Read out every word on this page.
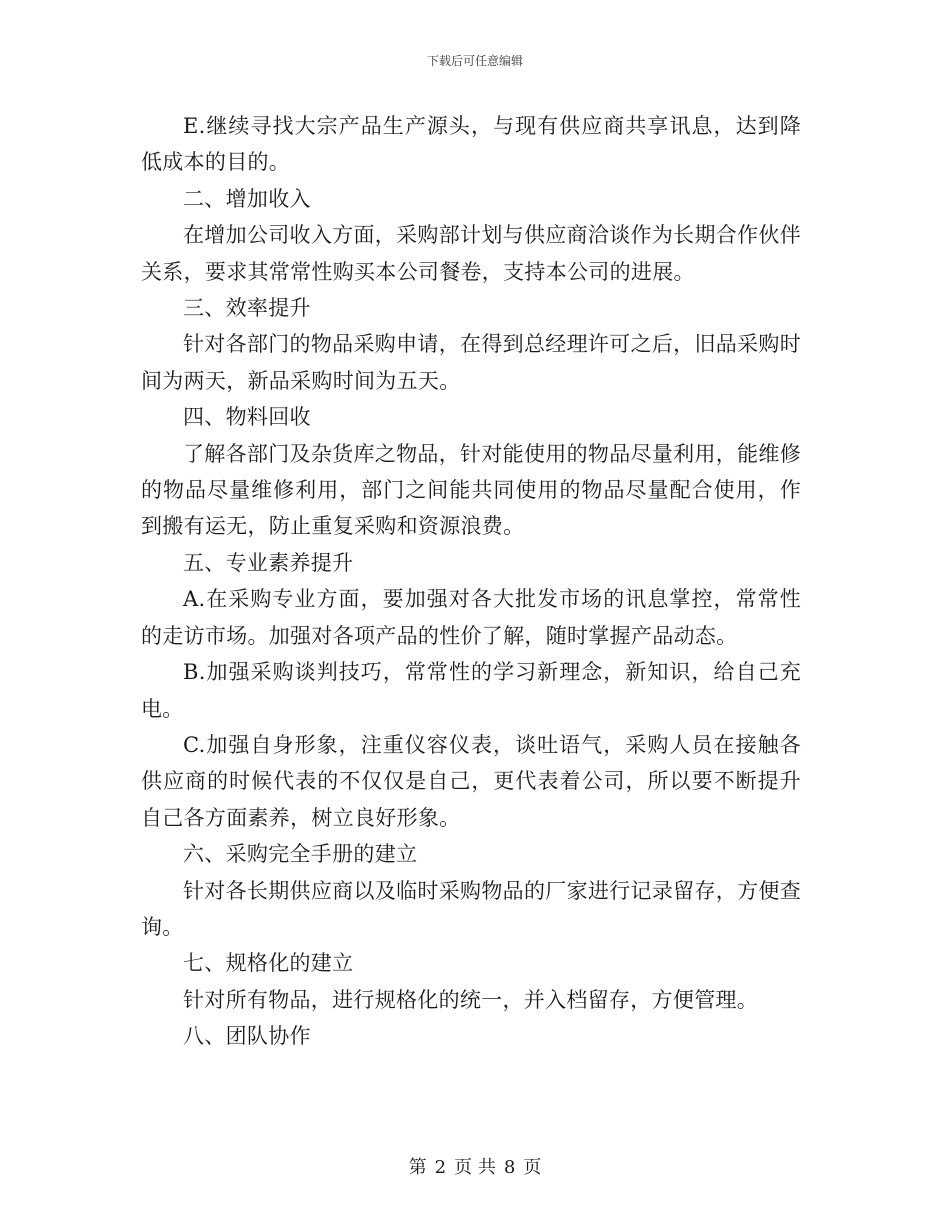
下载后可任意编辑

E.继续寻找大宗产品生产源头，与现有供应商共享讯息，达到降低成本的目的。

二、增加收入

在增加公司收入方面，采购部计划与供应商洽谈作为长期合作伙伴关系，要求其常常性购买本公司餐卷，支持本公司的进展。

三、效率提升

针对各部门的物品采购申请，在得到总经理许可之后，旧品采购时间为两天，新品采购时间为五天。

四、物料回收

了解各部门及杂货库之物品，针对能使用的物品尽量利用，能维修的物品尽量维修利用，部门之间能共同使用的物品尽量配合使用，作到搬有运无，防止重复采购和资源浪费。

五、专业素养提升

A.在采购专业方面，要加强对各大批发市场的讯息掌控，常常性的走访市场。加强对各项产品的性价了解，随时掌握产品动态。

B.加强采购谈判技巧，常常性的学习新理念，新知识，给自己充电。

C.加强自身形象，注重仪容仪表，谈吐语气，采购人员在接触各供应商的时候代表的不仅仅是自己，更代表着公司，所以要不断提升自己各方面素养，树立良好形象。

六、采购完全手册的建立

针对各长期供应商以及临时采购物品的厂家进行记录留存，方便查询。

七、规格化的建立

针对所有物品，进行规格化的统一，并入档留存，方便管理。

八、团队协作

第 2 页 共 8 页
